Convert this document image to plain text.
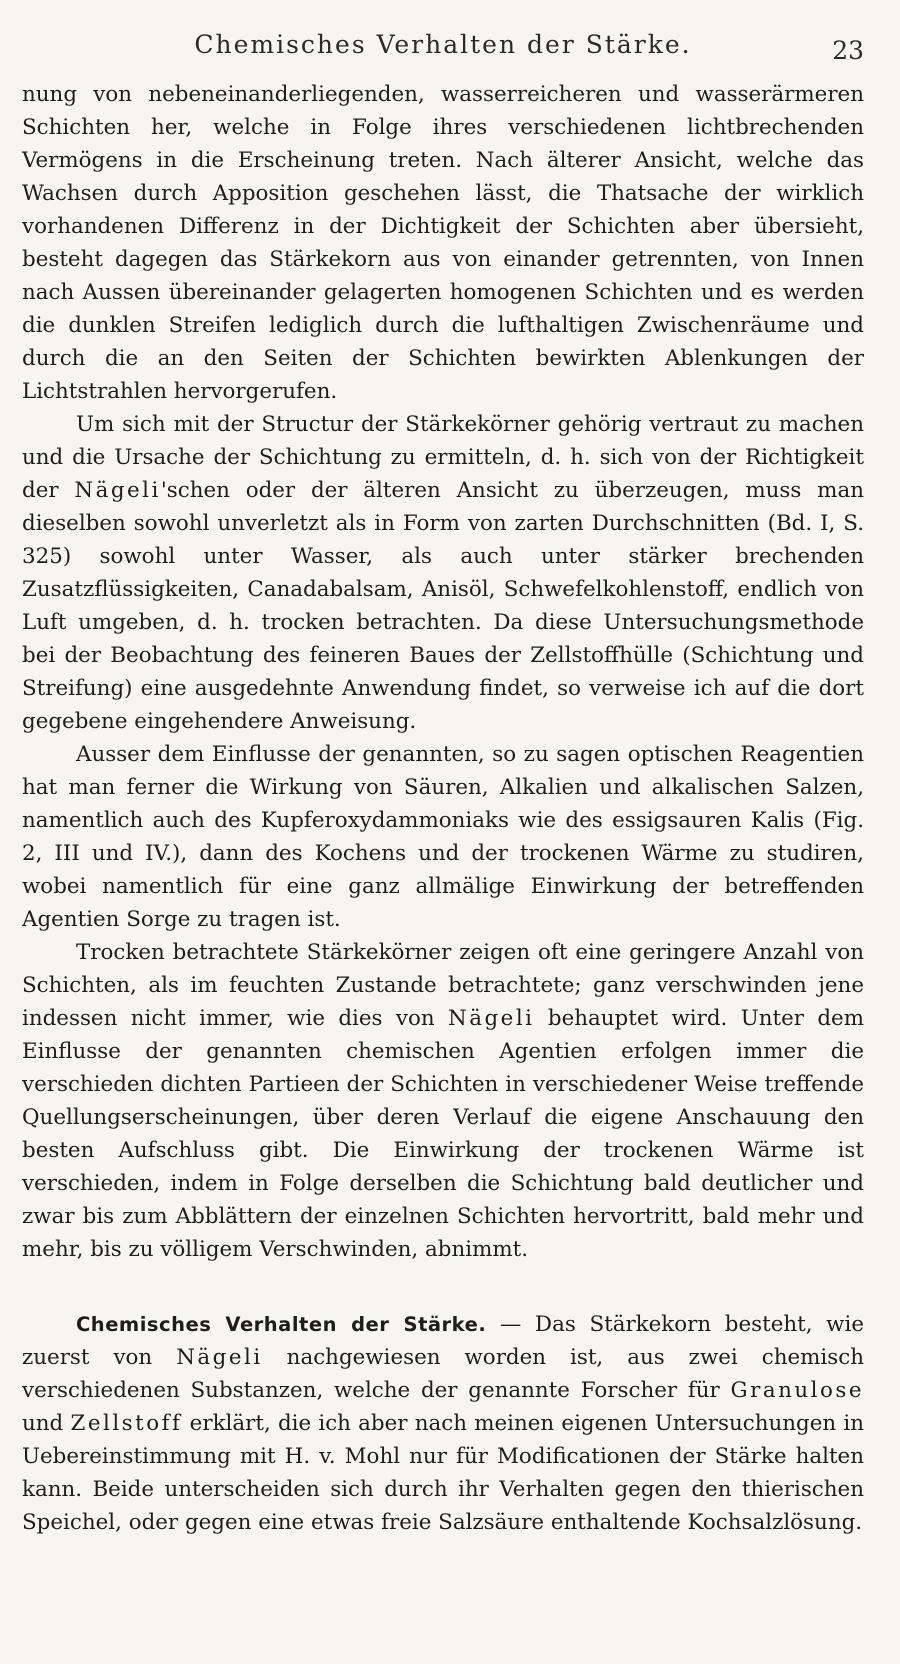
Chemisches Verhalten der Stärke.	23

nung von nebeneinanderliegenden, wasserreicheren und wasserärmeren Schichten her, welche in Folge ihres verschiedenen lichtbrechenden Vermögens in die Erscheinung treten. Nach älterer Ansicht, welche das Wachsen durch Apposition geschehen lässt, die Thatsache der wirklich vorhandenen Differenz in der Dichtigkeit der Schichten aber übersieht, besteht dagegen das Stärkekorn aus von einander getrennten, von Innen nach Aussen übereinander gelagerten homogenen Schichten und es werden die dunklen Streifen lediglich durch die lufthaltigen Zwischenräume und durch die an den Seiten der Schichten bewirkten Ablenkungen der Lichtstrahlen hervorgerufen.

Um sich mit der Structur der Stärkekörner gehörig vertraut zu machen und die Ursache der Schichtung zu ermitteln, d. h. sich von der Richtigkeit der Nägeli'schen oder der älteren Ansicht zu überzeugen, muss man dieselben sowohl unverletzt als in Form von zarten Durchschnitten (Bd. I, S. 325) sowohl unter Wasser, als auch unter stärker brechenden Zusatzflüssigkeiten, Canadabalsam, Anisöl, Schwefelkohlenstoff, endlich von Luft umgeben, d. h. trocken betrachten. Da diese Untersuchungsmethode bei der Beobachtung des feineren Baues der Zellstoffhülle (Schichtung und Streifung) eine ausgedehnte Anwendung findet, so verweise ich auf die dort gegebene eingehendere Anweisung.

Ausser dem Einflusse der genannten, so zu sagen optischen Reagentien hat man ferner die Wirkung von Säuren, Alkalien und alkalischen Salzen, namentlich auch des Kupferoxydammoniaks wie des essigsauren Kalis (Fig. 2, III und IV.), dann des Kochens und der trockenen Wärme zu studiren, wobei namentlich für eine ganz allmälige Einwirkung der betreffenden Agentien Sorge zu tragen ist.

Trocken betrachtete Stärkekörner zeigen oft eine geringere Anzahl von Schichten, als im feuchten Zustande betrachtete; ganz verschwinden jene indessen nicht immer, wie dies von Nägeli behauptet wird. Unter dem Einflusse der genannten chemischen Agentien erfolgen immer die verschieden dichten Partieen der Schichten in verschiedener Weise treffende Quellungserscheinungen, über deren Verlauf die eigene Anschauung den besten Aufschluss gibt. Die Einwirkung der trockenen Wärme ist verschieden, indem in Folge derselben die Schichtung bald deutlicher und zwar bis zum Abblättern der einzelnen Schichten hervortritt, bald mehr und mehr, bis zu völligem Verschwinden, abnimmt.

Chemisches Verhalten der Stärke. — Das Stärkekorn besteht, wie zuerst von Nägeli nachgewiesen worden ist, aus zwei chemisch verschiedenen Substanzen, welche der genannte Forscher für Granulose und Zellstoff erklärt, die ich aber nach meinen eigenen Untersuchungen in Uebereinstimmung mit H. v. Mohl nur für Modificationen der Stärke halten kann. Beide unterscheiden sich durch ihr Verhalten gegen den thierischen Speichel, oder gegen eine etwas freie Salzsäure enthaltende Kochsalzlösung.
